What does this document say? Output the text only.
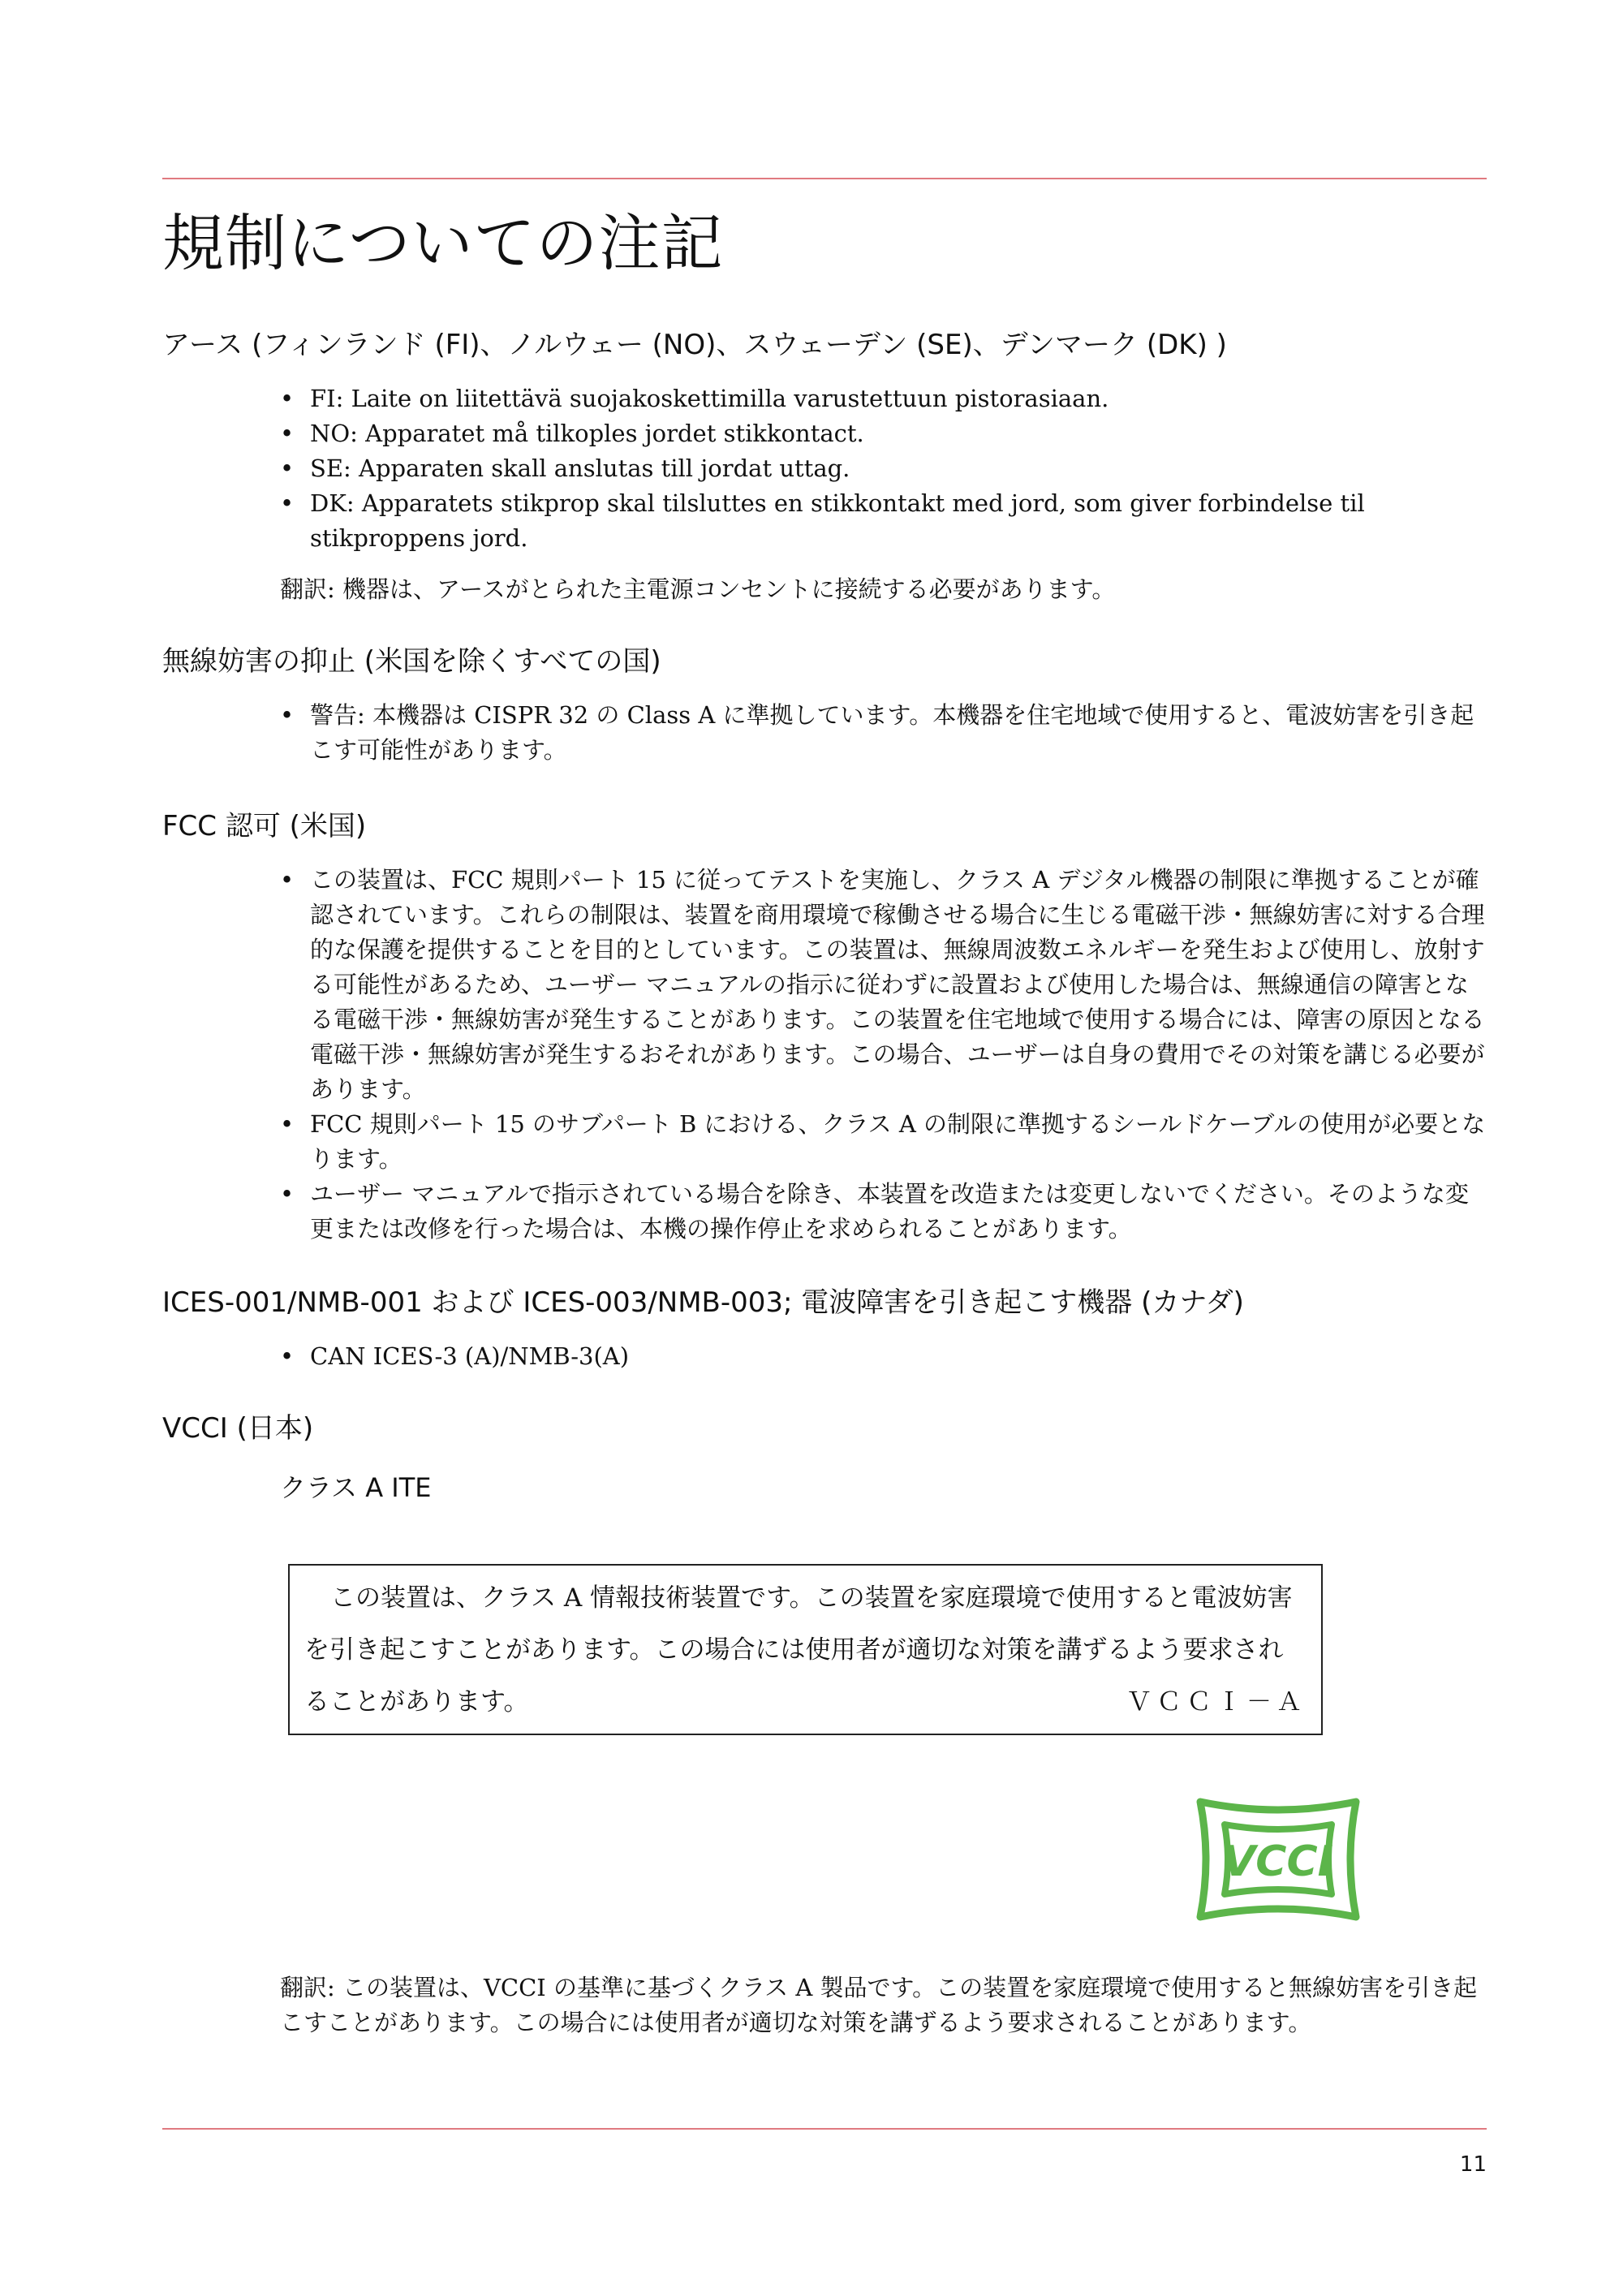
規制についての注記
アース (フィンランド (FI)、ノルウェー (NO)、スウェーデン (SE)、デンマーク (DK) )
• FI: Laite on liitettävä suojakoskettimilla varustettuun pistorasiaan.
• NO: Apparatet må tilkoples jordet stikkontact.
• SE: Apparaten skall anslutas till jordat uttag.
• DK: Apparatets stikprop skal tilsluttes en stikkontakt med jord, som giver forbindelse til stikproppens jord.

翻訳: 機器は、アースがとられた主電源コンセントに接続する必要があります。

無線妨害の抑止 (米国を除くすべての国)
• 警告: 本機器は CISPR 32 の Class A に準拠しています。本機器を住宅地域で使用すると、電波妨害を引き起こす可能性があります。
FCC 認可 (米国)
• この装置は、FCC 規則パート 15 に従ってテストを実施し、クラス A デジタル機器の制限に準拠することが確認されています。これらの制限は、装置を商用環境で稼働させる場合に生じる電磁干渉・無線妨害に対する合理的な保護を提供することを目的としています。この装置は、無線周波数エネルギーを発生および使用し、放射する可能性があるため、ユーザー マニュアルの指示に従わずに設置および使用した場合は、無線通信の障害となる電磁干渉・無線妨害が発生することがあります。この装置を住宅地域で使用する場合には、障害の原因となる電磁干渉・無線妨害が発生するおそれがあります。この場合、ユーザーは自身の費用でその対策を講じる必要があります。
• FCC 規則パート 15 のサブパート B における、クラス A の制限に準拠するシールドケーブルの使用が必要となります。
• ユーザー マニュアルで指示されている場合を除き、本装置を改造または変更しないでください。そのような変更または改修を行った場合は、本機の操作停止を求められることがあります。
ICES-001/NMB-001 および ICES-003/NMB-003; 電波障害を引き起こす機器 (カナダ)
• CAN ICES-3 (A)/NMB-3(A)
VCCI (日本)
クラス A ITE
この装置は、クラス A 情報技術装置です。この装置を家庭環境で使用すると電波妨害
を引き起こすことがあります。この場合には使用者が適切な対策を講ずるよう要求され
ることがあります。	ＶＣＣＩ－Ａ
VCCI

翻訳: この装置は、VCCI の基準に基づくクラス A 製品です。この装置を家庭環境で使用すると無線妨害を引き起こすことがあります。この場合には使用者が適切な対策を講ずるよう要求されることがあります。

11
